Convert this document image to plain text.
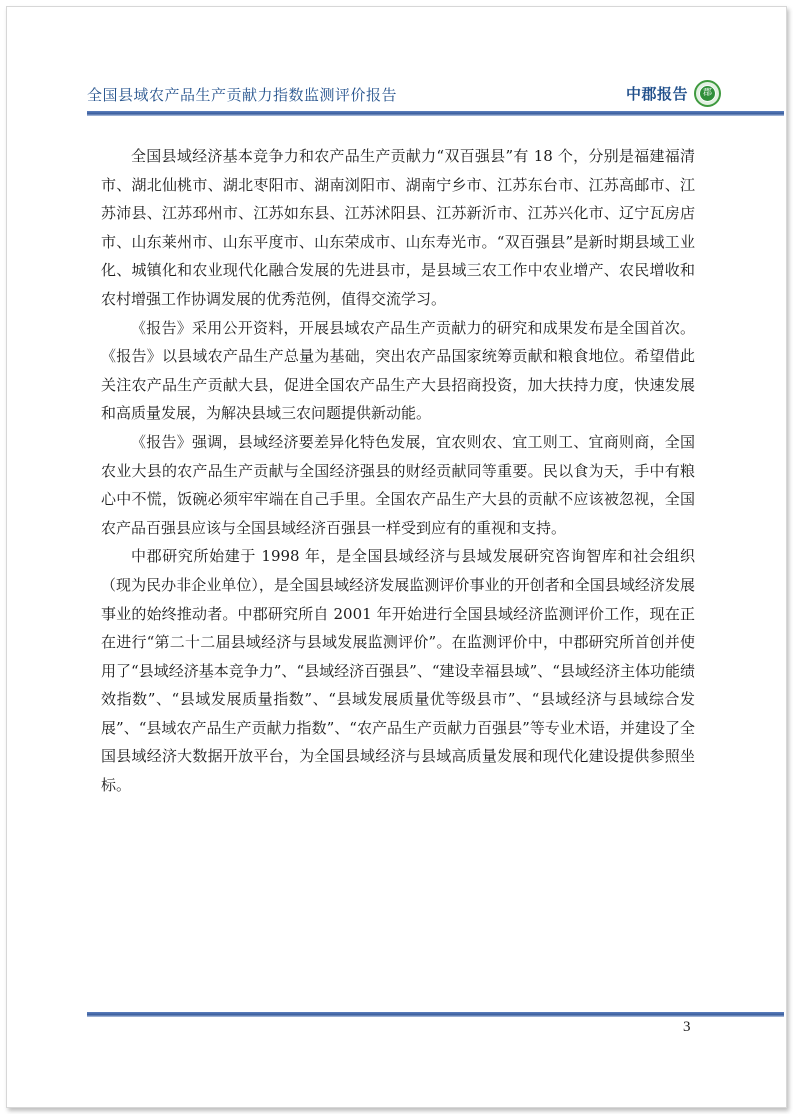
全国县域农产品生产贡献力指数监测评价报告	中郡报告	郡

全国县域经济基本竞争力和农产品生产贡献力“双百强县”有 18 个，分别是福建福清市、湖北仙桃市、湖北枣阳市、湖南浏阳市、湖南宁乡市、江苏东台市、江苏高邮市、江苏沛县、江苏邳州市、江苏如东县、江苏沭阳县、江苏新沂市、江苏兴化市、辽宁瓦房店市、山东莱州市、山东平度市、山东荣成市、山东寿光市。“双百强县”是新时期县域工业化、城镇化和农业现代化融合发展的先进县市，是县域三农工作中农业增产、农民增收和农村增强工作协调发展的优秀范例，值得交流学习。

《报告》采用公开资料，开展县域农产品生产贡献力的研究和成果发布是全国首次。《报告》以县域农产品生产总量为基础，突出农产品国家统筹贡献和粮食地位。希望借此关注农产品生产贡献大县，促进全国农产品生产大县招商投资，加大扶持力度，快速发展和高质量发展，为解决县域三农问题提供新动能。

《报告》强调，县域经济要差异化特色发展，宜农则农、宜工则工、宜商则商，全国农业大县的农产品生产贡献与全国经济强县的财经贡献同等重要。民以食为天，手中有粮心中不慌，饭碗必须牢牢端在自己手里。全国农产品生产大县的贡献不应该被忽视，全国农产品百强县应该与全国县域经济百强县一样受到应有的重视和支持。

中郡研究所始建于 1998 年，是全国县域经济与县域发展研究咨询智库和社会组织（现为民办非企业单位），是全国县域经济发展监测评价事业的开创者和全国县域经济发展事业的始终推动者。中郡研究所自 2001 年开始进行全国县域经济监测评价工作，现在正在进行“第二十二届县域经济与县域发展监测评价”。在监测评价中，中郡研究所首创并使用了“县域经济基本竞争力”、“县域经济百强县”、“建设幸福县域”、“县域经济主体功能绩效指数”、“县域发展质量指数”、“县域发展质量优等级县市”、“县域经济与县域综合发展”、“县域农产品生产贡献力指数”、“农产品生产贡献力百强县”等专业术语，并建设了全国县域经济大数据开放平台，为全国县域经济与县域高质量发展和现代化建设提供参照坐标。

3
